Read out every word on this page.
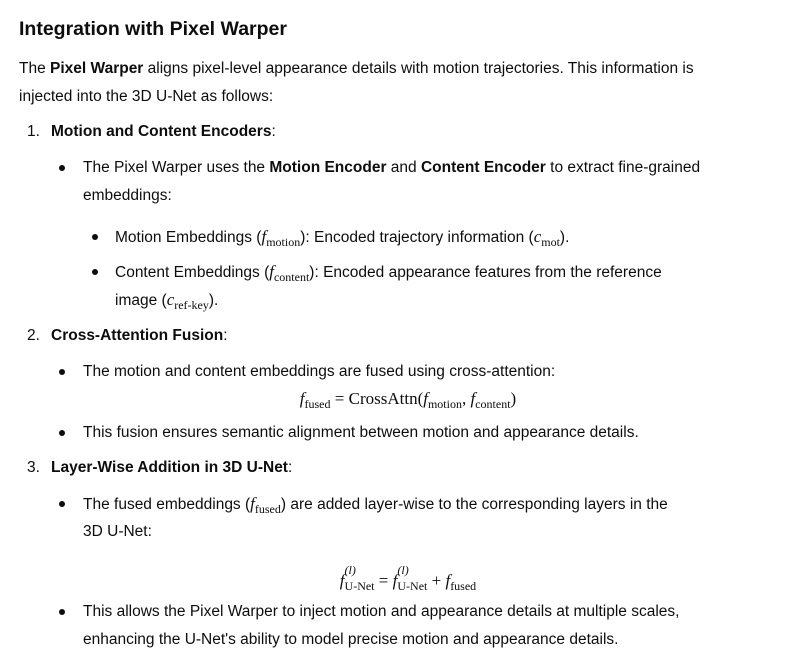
Integration with Pixel Warper
The Pixel Warper aligns pixel-level appearance details with motion trajectories. This information is
injected into the 3D U-Net as follows:
1. Motion and Content Encoders:
The Pixel Warper uses the Motion Encoder and Content Encoder to extract fine-grained
embeddings:
Motion Embeddings $(f_{motion})$: Encoded trajectory information $(c_{mot})$.
Content Embeddings $(f_{content})$: Encoded appearance features from the reference
image $(c_{ref-key})$.
2. Cross-Attention Fusion:
The motion and content embeddings are fused using cross-attention:
$f_{fused}$ = $CrossAttn(f_{motion}$, $f_{content}$)
This fusion ensures semantic alignment between motion and appearance details.
3. Layer-Wise Addition in 3D U-Net:
The fused embeddings $(f_{fused})$ are added layer-wise to the corresponding layers in the
3D U-Net:
f
(l)
U-Net = f
(l)
$U-Net + f_{fused}$
This allows the Pixel Warper to inject motion and appearance details at multiple scales,
enhancing the U-Net's ability to model precise motion and appearance details.
